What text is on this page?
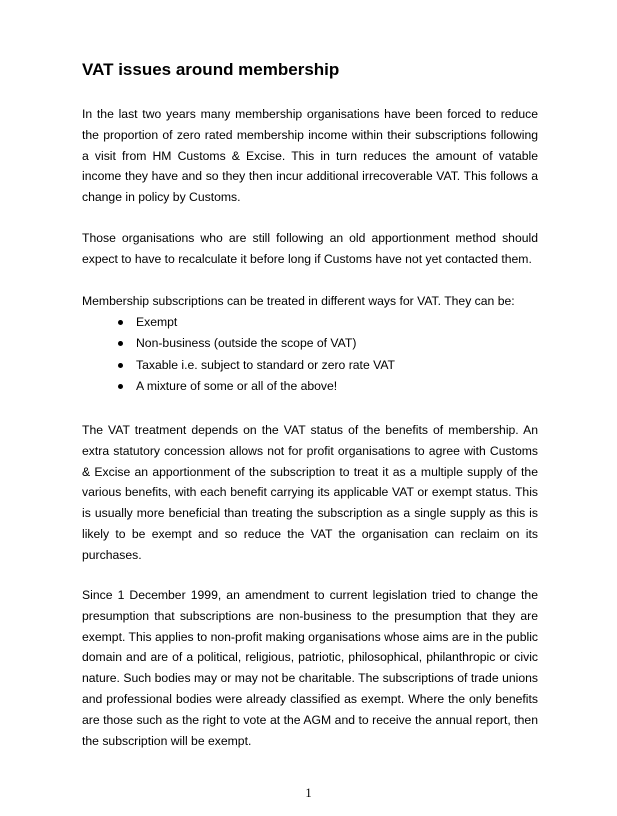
VAT issues around membership

In the last two years many membership organisations have been forced to reduce the proportion of zero rated membership income within their subscriptions following a visit from HM Customs & Excise. This in turn reduces the amount of vatable income they have and so they then incur additional irrecoverable VAT. This follows a change in policy by Customs.

Those organisations who are still following an old apportionment method should expect to have to recalculate it before long if Customs have not yet contacted them.

Membership subscriptions can be treated in different ways for VAT. They can be:

Exempt
Non-business (outside the scope of VAT)
Taxable i.e. subject to standard or zero rate VAT
A mixture of some or all of the above!

The VAT treatment depends on the VAT status of the benefits of membership. An extra statutory concession allows not for profit organisations to agree with Customs & Excise an apportionment of the subscription to treat it as a multiple supply of the various benefits, with each benefit carrying its applicable VAT or exempt status. This is usually more beneficial than treating the subscription as a single supply as this is likely to be exempt and so reduce the VAT the organisation can reclaim on its purchases.

Since 1 December 1999, an amendment to current legislation tried to change the presumption that subscriptions are non-business to the presumption that they are exempt. This applies to non-profit making organisations whose aims are in the public domain and are of a political, religious, patriotic, philosophical, philanthropic or civic nature. Such bodies may or may not be charitable. The subscriptions of trade unions and professional bodies were already classified as exempt. Where the only benefits are those such as the right to vote at the AGM and to receive the annual report, then the subscription will be exempt.

1
